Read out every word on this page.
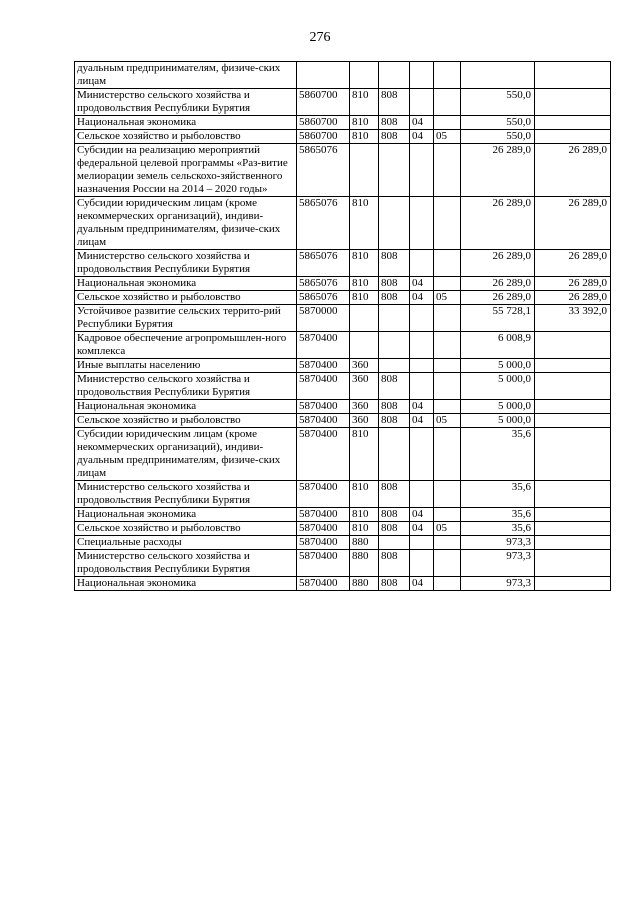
276
дуальным предпринимателям, физиче-ских лицам							
Министерство сельского хозяйства и продовольствия Республики Бурятия	5860700	810	808			550,0	
Национальная экономика	5860700	810	808	04		550,0	
Сельское хозяйство и рыболовство	5860700	810	808	04	05	550,0	
Субсидии на реализацию мероприятий федеральной целевой программы «Раз-витие мелиорации земель сельскохо-зяйственного назначения России на 2014 – 2020 годы»	5865076					26 289,0	26 289,0
Субсидии юридическим лицам (кроме некоммерческих организаций), индиви-дуальным предпринимателям, физиче-ских лицам	5865076	810				26 289,0	26 289,0
Министерство сельского хозяйства и продовольствия Республики Бурятия	5865076	810	808			26 289,0	26 289,0
Национальная экономика	5865076	810	808	04		26 289,0	26 289,0
Сельское хозяйство и рыболовство	5865076	810	808	04	05	26 289,0	26 289,0
Устойчивое развитие сельских террито-рий Республики Бурятия	5870000					55 728,1	33 392,0
Кадровое обеспечение агропромышлен-ного комплекса	5870400					6 008,9	
Иные выплаты населению	5870400	360				5 000,0	
Министерство сельского хозяйства и продовольствия Республики Бурятия	5870400	360	808			5 000,0	
Национальная экономика	5870400	360	808	04		5 000,0	
Сельское хозяйство и рыболовство	5870400	360	808	04	05	5 000,0	
Субсидии юридическим лицам (кроме некоммерческих организаций), индиви-дуальным предпринимателям, физиче-ских лицам	5870400	810				35,6	
Министерство сельского хозяйства и продовольствия Республики Бурятия	5870400	810	808			35,6	
Национальная экономика	5870400	810	808	04		35,6	
Сельское хозяйство и рыболовство	5870400	810	808	04	05	35,6	
Специальные расходы	5870400	880				973,3	
Министерство сельского хозяйства и продовольствия Республики Бурятия	5870400	880	808			973,3	
Национальная экономика	5870400	880	808	04		973,3	
